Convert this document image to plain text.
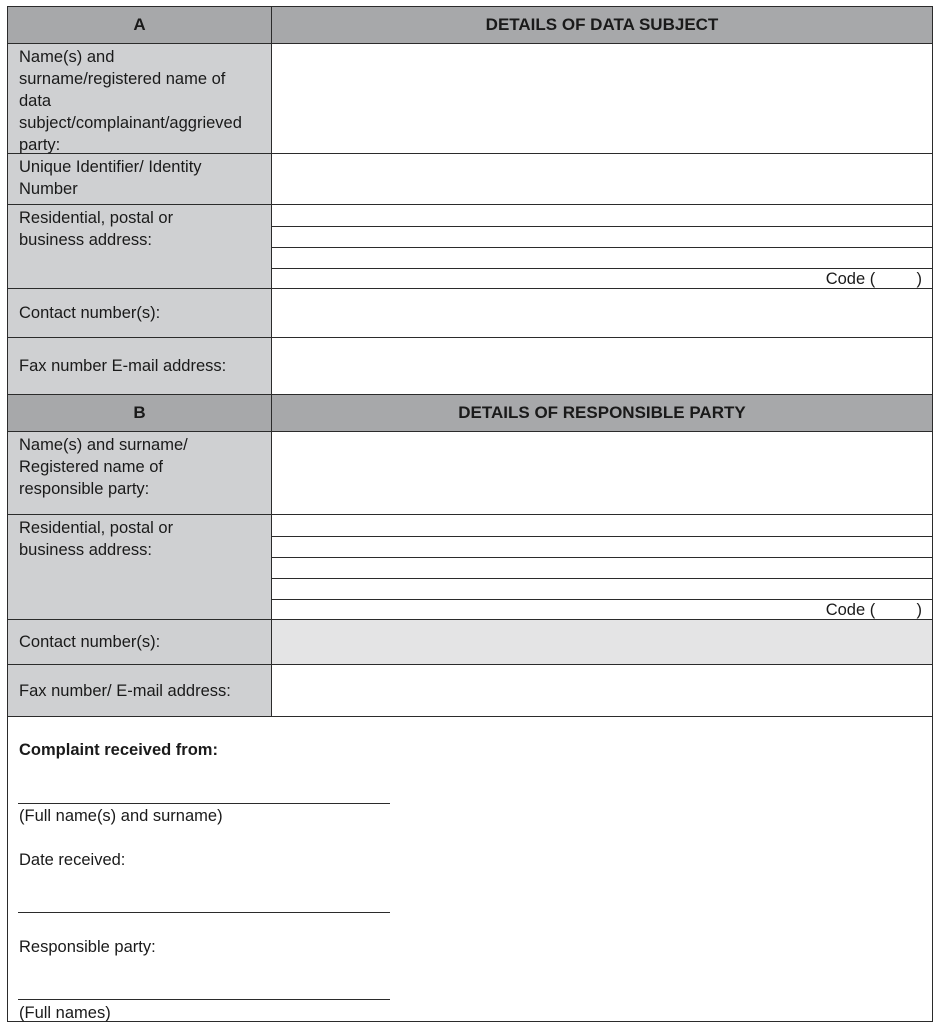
A	DETAILS OF DATA SUBJECT
Name(s) and
surname/registered name of
data
subject/complainant/aggrieved
party:
Unique Identifier/ Identity
Number
Residential, postal or
business address:
Code (         )
Contact number(s):
Fax number E-mail address:
B	DETAILS OF RESPONSIBLE PARTY
Name(s) and surname/
Registered name of
responsible party:
Residential, postal or
business address:
Code (         )
Contact number(s):
Fax number/ E-mail address:
Complaint received from:
(Full name(s) and surname)
Date received:
Responsible party:
(Full names)
